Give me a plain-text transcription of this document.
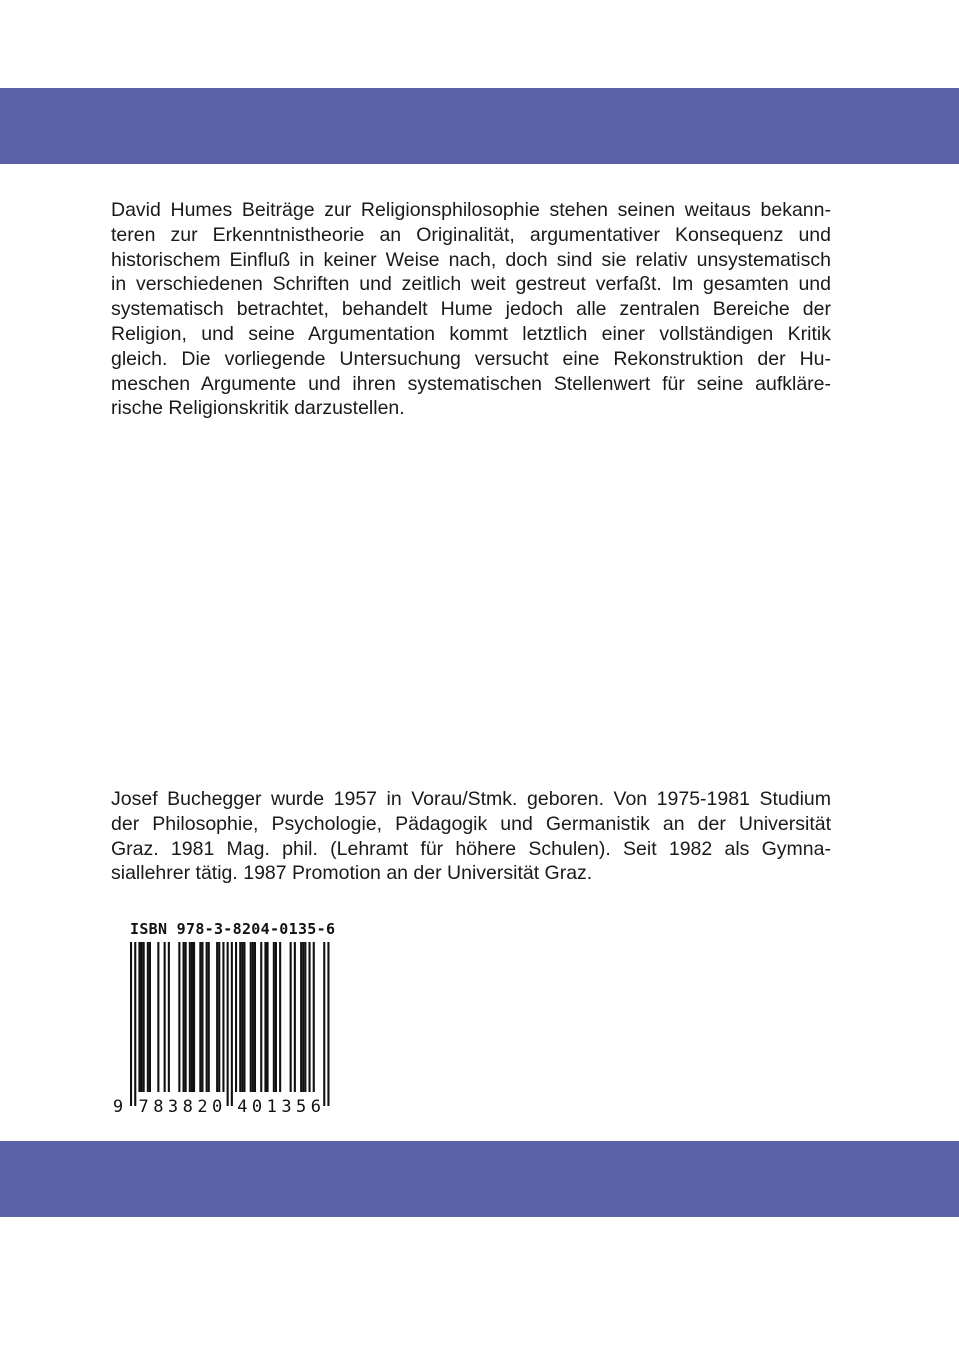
David Humes Beiträge zur Religionsphilosophie stehen seinen weitaus bekann-
teren zur Erkenntnistheorie an Originalität, argumentativer Konsequenz und
historischem Einfluß in keiner Weise nach, doch sind sie relativ unsystematisch
in verschiedenen Schriften und zeitlich weit gestreut verfaßt. Im gesamten und
systematisch betrachtet, behandelt Hume jedoch alle zentralen Bereiche der
Religion, und seine Argumentation kommt letztlich einer vollständigen Kritik
gleich. Die vorliegende Untersuchung versucht eine Rekonstruktion der Hu-
meschen Argumente und ihren systematischen Stellenwert für seine aufkläre-
rische Religionskritik darzustellen.
Josef Buchegger wurde 1957 in Vorau/Stmk. geboren. Von 1975-1981 Studium
der Philosophie, Psychologie, Pädagogik und Germanistik an der Universität
Graz. 1981 Mag. phil. (Lehramt für höhere Schulen). Seit 1982 als Gymna-
siallehrer tätig. 1987 Promotion an der Universität Graz.
ISBN 978-3-8204-0135-6
9 7 8 3 8 2 0 4 0 1 3 5 6
